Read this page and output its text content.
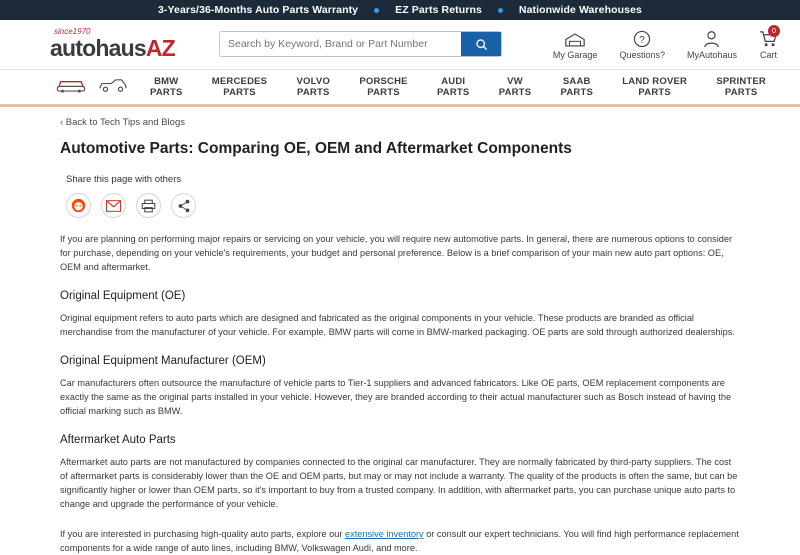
3-Years/36-Months Auto Parts Warranty	EZ Parts Returns	Nationwide Warehouses
since1970
autohausAZ
Search by Keyword, Brand or Part Number	My Garage
?
Questions? MyAutohaus
0
Cart
BMW
PARTS
MERCEDES
PARTS
VOLVO
PARTS
PORSCHE
PARTS
AUDI
PARTS
VW
PARTS
SAAB
PARTS
LAND ROVER
PARTS
SPRINTER
PARTS
‹ Back to Tech Tips and Blogs
Automotive Parts: Comparing OE, OEM and Aftermarket Components
Share this page with others

If you are planning on performing major repairs or servicing on your vehicle, you will require new automotive parts. In general, there are numerous options to consider for purchase, depending on your vehicle's requirements, your budget and personal preference. Below is a brief comparison of your main new auto part options: OE, OEM and aftermarket.

Original Equipment (OE)

Original equipment refers to auto parts which are designed and fabricated as the original components in your vehicle. These products are branded as official merchandise from the manufacturer of your vehicle. For example, BMW parts will come in BMW-marked packaging. OE parts are sold through authorized dealerships.

Original Equipment Manufacturer (OEM)

Car manufacturers often outsource the manufacture of vehicle parts to Tier-1 suppliers and advanced fabricators. Like OE parts, OEM replacement components are exactly the same as the original parts installed in your vehicle. However, they are branded according to their actual manufacturer such as Bosch instead of having the official marking such as BMW.

Aftermarket Auto Parts

Aftermarket auto parts are not manufactured by companies connected to the original car manufacturer. They are normally fabricated by third-party suppliers. The cost of aftermarket parts is considerably lower than the OE and OEM parts, but may or may not include a warranty. The quality of the products is often the same, but can be significantly higher or lower than OEM parts, so it's important to buy from a trusted company. In addition, with aftermarket parts, you can purchase unique auto parts to change and upgrade the performance of your vehicle.

If you are interested in purchasing high-quality auto parts, explore our extensive inventory or consult our expert technicians. You will find high performance replacement components for a wide range of auto lines, including BMW, Volkswagen Audi, and more.
